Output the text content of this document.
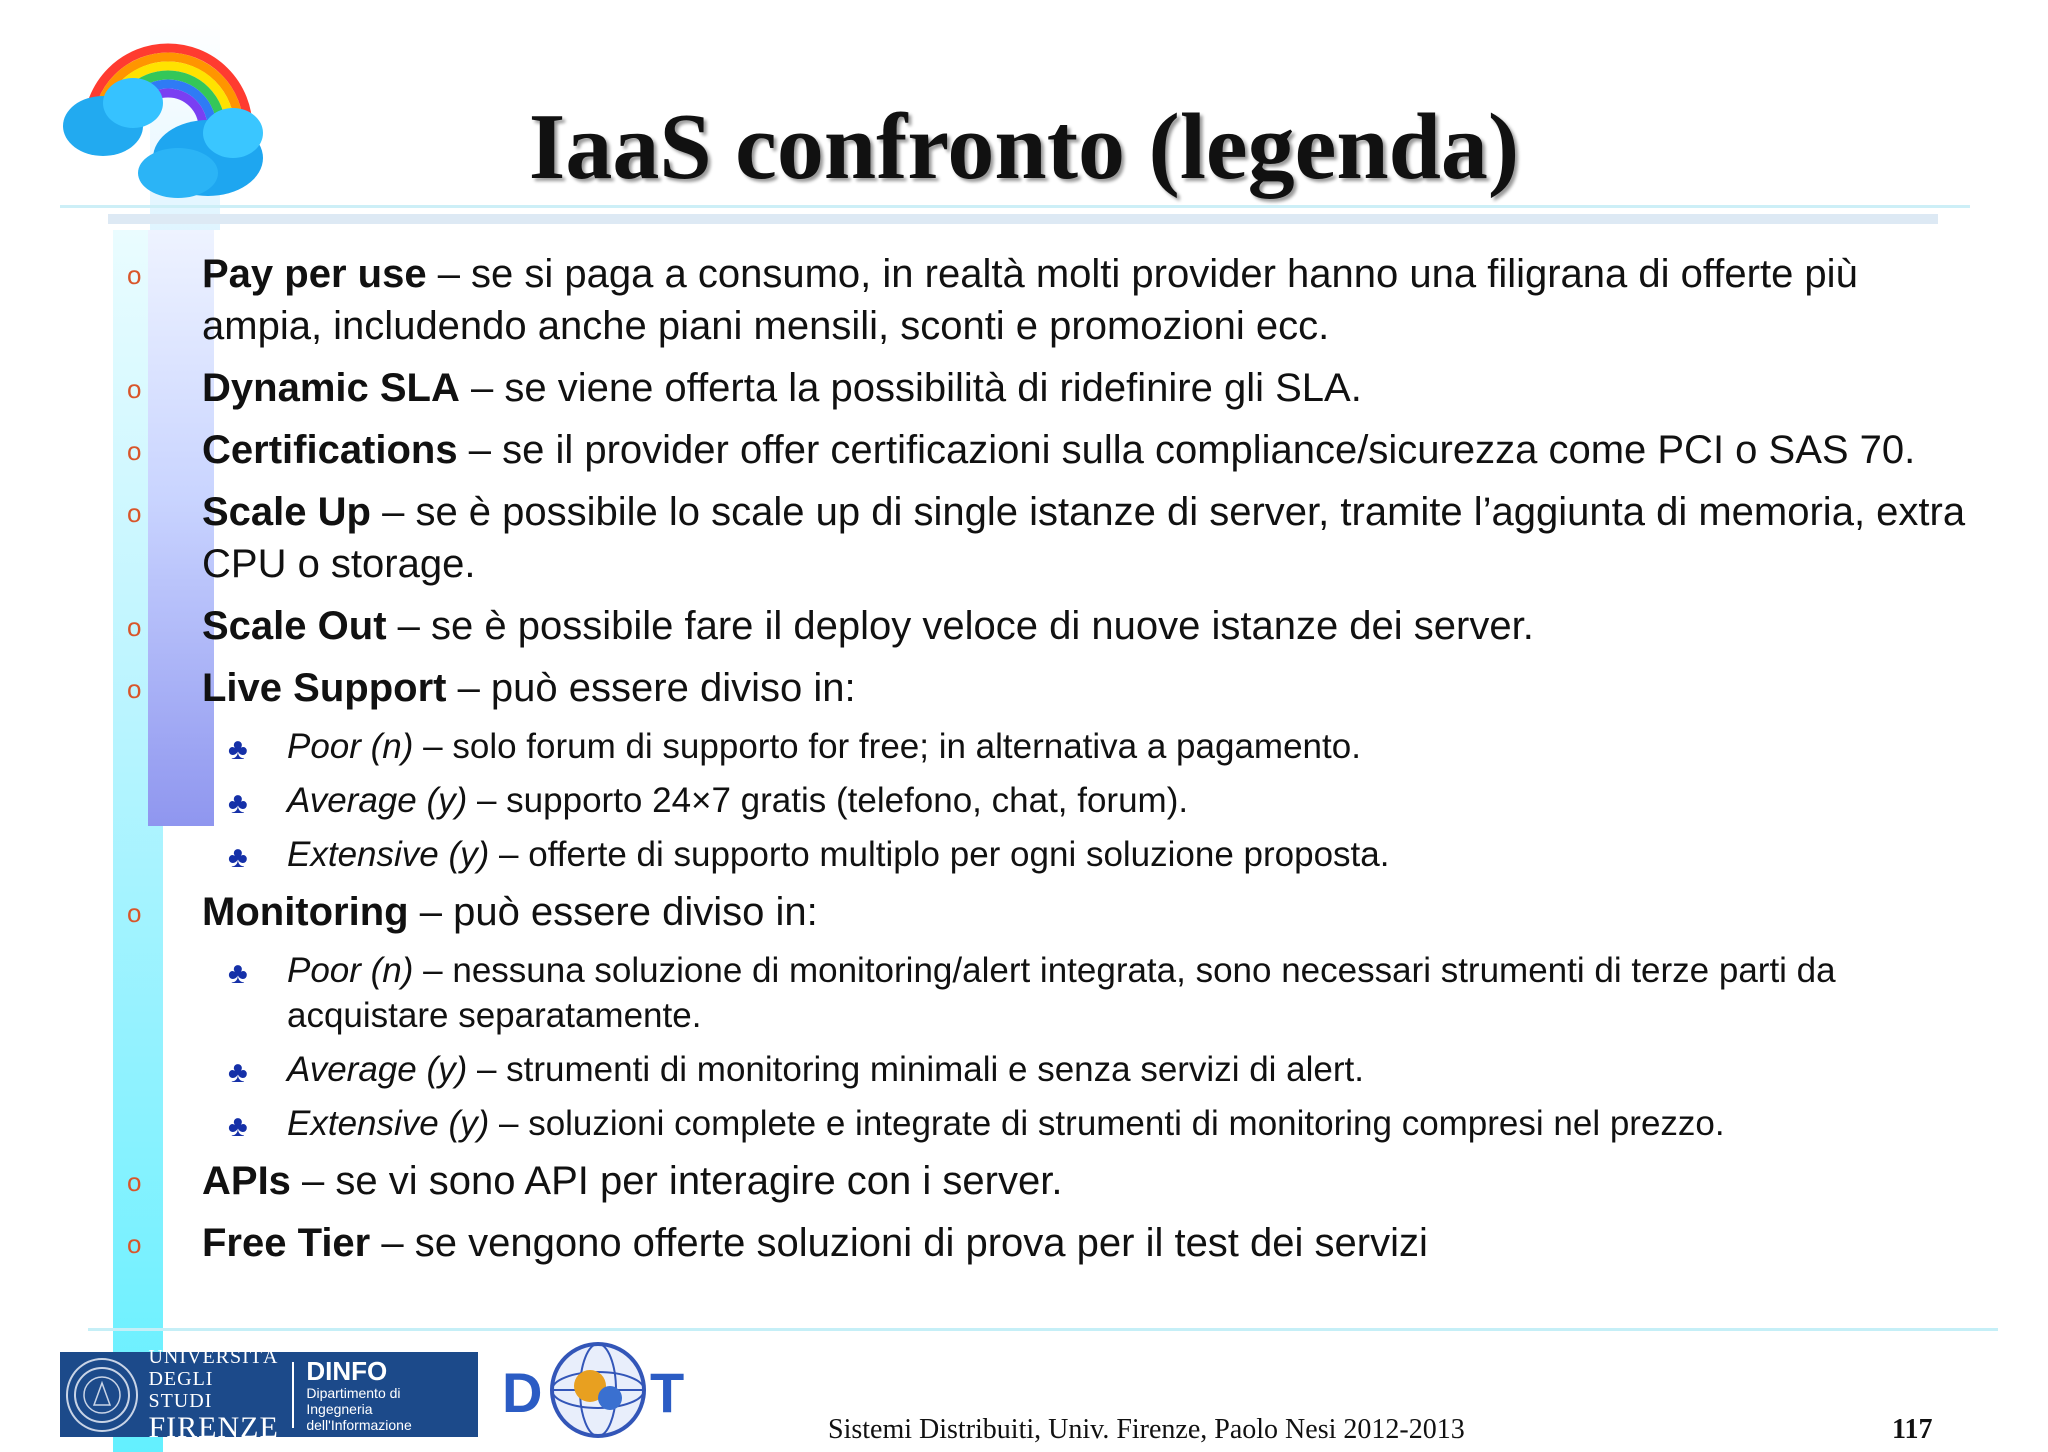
IaaS confronto (legenda)
o Pay per use – se si paga a consumo, in realtà molti provider hanno una filigrana di offerte più ampia, includendo anche piani mensili, sconti e promozioni ecc.
o Dynamic SLA – se viene offerta la possibilità di ridefinire gli SLA.
o Certifications – se il provider offer certificazioni sulla compliance/sicurezza come PCI o SAS 70.
o Scale Up – se è possibile lo scale up di single istanze di server, tramite l’aggiunta di memoria, extra CPU o storage.
o Scale Out – se è possibile fare il deploy veloce di nuove istanze dei server.
o Live Support – può essere diviso in:
♣ Poor (n) – solo forum di supporto for free; in alternativa a pagamento.
♣ Average (y) – supporto 24×7 gratis (telefono, chat, forum).
♣ Extensive (y) – offerte di supporto multiplo per ogni soluzione proposta.
o Monitoring – può essere diviso in:
♣ Poor (n) – nessuna soluzione di monitoring/alert integrata, sono necessari strumenti di terze parti da acquistare separatamente.
♣ Average (y) – strumenti di monitoring minimali e senza servizi di alert.
♣ Extensive (y) – soluzioni complete e integrate di strumenti di monitoring compresi nel prezzo.
o APIs – se vi sono API per interagire con i server.
o Free Tier – se vengono offerte soluzioni di prova per il test dei servizi
UNIVERSITÀ
DEGLI STUDI
FIRENZE
DINFO
Dipartimento di
Ingegneria dell'Informazione
D T
Sistemi Distribuiti, Univ. Firenze, Paolo Nesi 2012-2013	117
